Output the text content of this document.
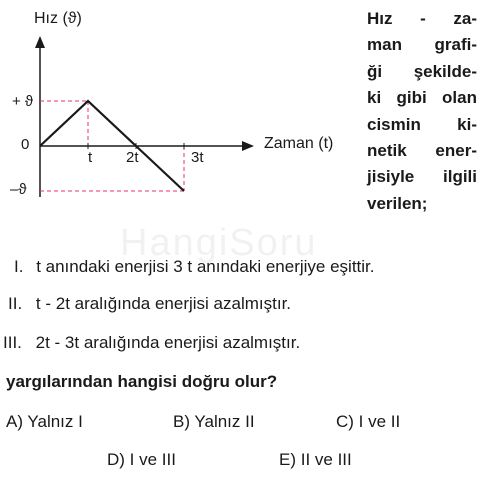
Hız (ϑ)
Zaman (t)
+ ϑ
0
–ϑ
t 2t	3t
HangiSoru
Hız - za-
man grafi-
ği şekilde-
ki gibi olan
cismin ki-
netik ener-
jisiyle ilgili
verilen;
I. t anındaki enerjisi 3 t anındaki enerjiye eşittir.
II. t - 2t aralığında enerjisi azalmıştır.
III. 2t - 3t aralığında enerjisi azalmıştır.
yargılarından hangisi doğru olur?
A) Yalnız I	B) Yalnız II	C) I ve II
D) I ve III	E) II ve III
